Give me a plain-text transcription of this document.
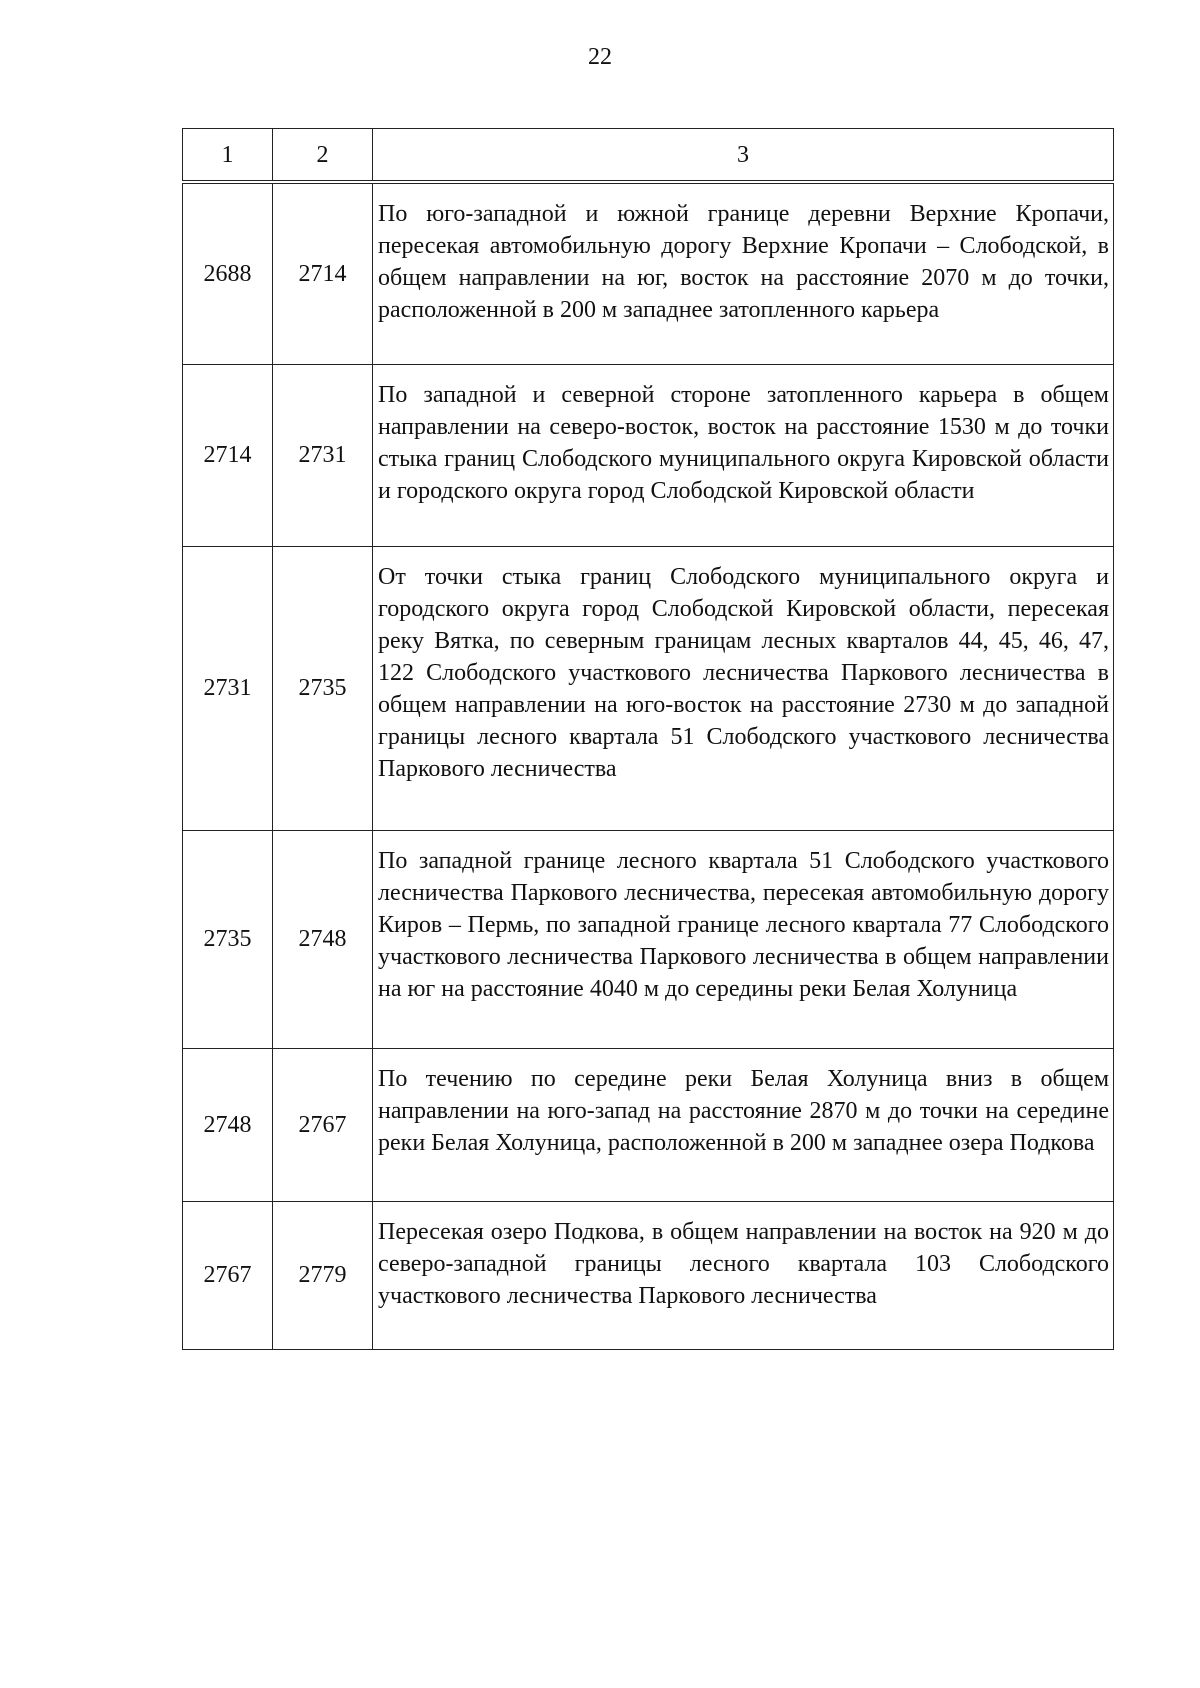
22
1	2	3
2688	2714	По юго-западной и южной границе деревни Верхние Кропачи, пересекая автомобильную дорогу Верхние Кропачи – Слободской, в общем направлении на юг, восток на расстояние 2070 м до точки, расположенной в 200 м западнее затопленного карьера
2714	2731	По западной и северной стороне затопленного карьера в общем направлении на северо-восток, восток на расстояние 1530 м до точки стыка границ Слободского муниципального округа Кировской области и городского округа город Слободской Кировской области
2731	2735	От точки стыка границ Слободского муниципального округа и городского округа город Слободской Кировской области, пересекая реку Вятка, по северным границам лесных кварталов 44, 45, 46, 47, 122 Слободского участкового лесничества Паркового лесничества в общем направлении на юго-восток на расстояние 2730 м до западной границы лесного квартала 51 Слободского участкового лесничества Паркового лесничества
2735	2748	По западной границе лесного квартала 51 Слободского участкового лесничества Паркового лесничества, пересекая автомобильную дорогу Киров – Пермь, по западной границе лесного квартала 77 Слободского участкового лесничества Паркового лесничества в общем направлении на юг на расстояние 4040 м до середины реки Белая Холуница
2748	2767	По течению по середине реки Белая Холуница вниз в общем направлении на юго-запад на расстояние 2870 м до точки на середине реки Белая Холуница, расположенной в 200 м западнее озера Подкова
2767	2779	Пересекая озеро Подкова, в общем направлении на восток на 920 м до северо-западной границы лесного квартала 103 Слободского участкового лесничества Паркового лесничества
